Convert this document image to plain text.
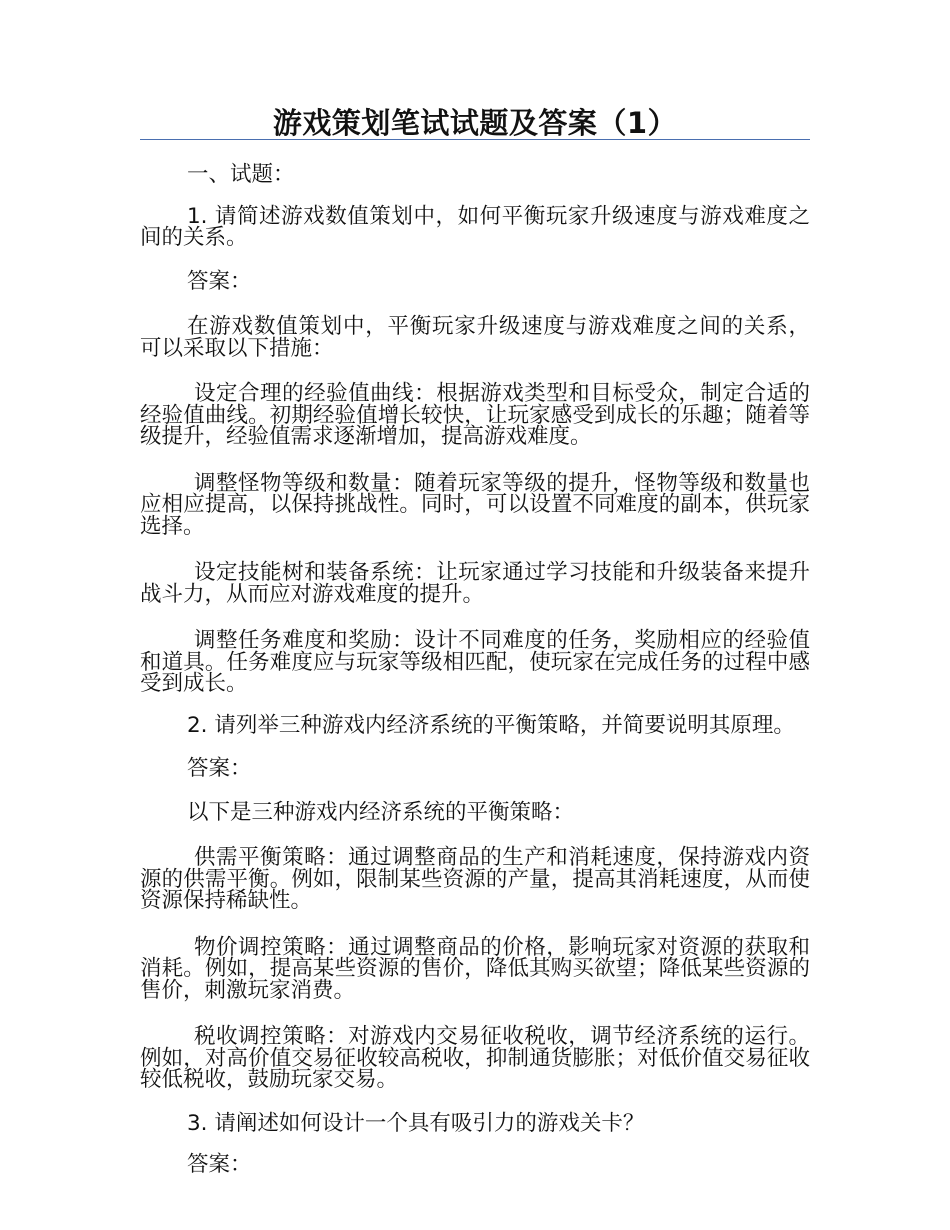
游戏策划笔试试题及答案（1）

一、试题：

1. 请简述游戏数值策划中，如何平衡玩家升级速度与游戏难度之间的关系。

答案：

在游戏数值策划中，平衡玩家升级速度与游戏难度之间的关系，可以采取以下措施：

设定合理的经验值曲线：根据游戏类型和目标受众，制定合适的经验值曲线。初期经验值增长较快，让玩家感受到成长的乐趣；随着等级提升，经验值需求逐渐增加，提高游戏难度。

调整怪物等级和数量：随着玩家等级的提升，怪物等级和数量也应相应提高，以保持挑战性。同时，可以设置不同难度的副本，供玩家选择。

设定技能树和装备系统：让玩家通过学习技能和升级装备来提升战斗力，从而应对游戏难度的提升。

调整任务难度和奖励：设计不同难度的任务，奖励相应的经验值和道具。任务难度应与玩家等级相匹配，使玩家在完成任务的过程中感受到成长。

2. 请列举三种游戏内经济系统的平衡策略，并简要说明其原理。

答案：

以下是三种游戏内经济系统的平衡策略：

供需平衡策略：通过调整商品的生产和消耗速度，保持游戏内资源的供需平衡。例如，限制某些资源的产量，提高其消耗速度，从而使资源保持稀缺性。

物价调控策略：通过调整商品的价格，影响玩家对资源的获取和消耗。例如，提高某些资源的售价，降低其购买欲望；降低某些资源的售价，刺激玩家消费。

税收调控策略：对游戏内交易征收税收，调节经济系统的运行。例如，对高价值交易征收较高税收，抑制通货膨胀；对低价值交易征收较低税收，鼓励玩家交易。

3. 请阐述如何设计一个具有吸引力的游戏关卡？

答案：
